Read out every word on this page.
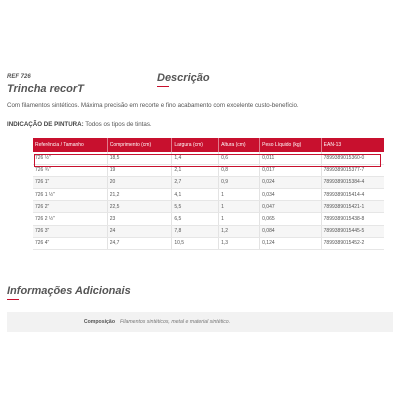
REF 726
Trincha recorT
Descrição
Com filamentos sintéticos. Máxima precisão em recorte e fino acabamento com excelente custo-benefício.
INDICAÇÃO DE PINTURA: Todos os tipos de tintas.
Referência / Tamanho	Comprimento (cm)	Largura (cm)	Altura (cm)	Peso Líquido (kg)	EAN-13
726 ½"	18,5	1,4	0,6	0,011	7899389015360-0
726 ¾"	19	2,1	0,8	0,017	7899389015377-7
726 1"	20	2,7	0,9	0,024	7899389015384-4
726 1 ½"	21,2	4,1	1	0,034	7899389015414-4
726 2"	22,5	5,5	1	0,047	7899389015421-1
726 2 ½"	23	6,5	1	0,065	7899389015438-8
726 3"	24	7,8	1,2	0,084	7899389015445-5
726 4"	24,7	10,5	1,3	0,124	7899389015452-2
Informações Adicionais
Composição Filamentos sintéticos, metal e material sintético.
